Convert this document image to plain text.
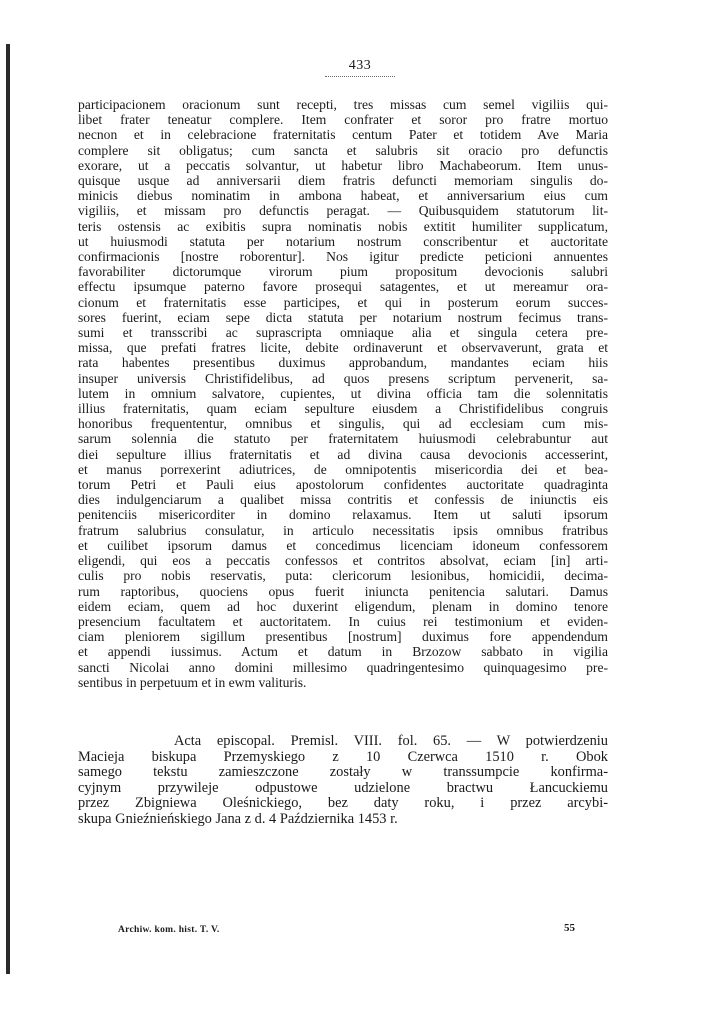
433
participacionem oracionum sunt recepti, tres missas cum semel vigiliis qui-
libet frater teneatur complere. Item confrater et soror pro fratre mortuo
necnon et in celebracione fraternitatis centum Pater et totidem Ave Maria
complere sit obligatus; cum sancta et salubris sit oracio pro defunctis
exorare, ut a peccatis solvantur, ut habetur libro Machabeorum. Item unus-
quisque usque ad anniversarii diem fratris defuncti memoriam singulis do-
minicis diebus nominatim in ambona habeat, et anniversarium eius cum
vigiliis, et missam pro defunctis peragat. — Quibusquidem statutorum lit-
teris ostensis ac exibitis supra nominatis nobis extitit humiliter supplicatum,
ut huiusmodi statuta per notarium nostrum conscribentur et auctoritate
confirmacionis [nostre roborentur]. Nos igitur predicte peticioni annuentes
favorabiliter dictorumque virorum pium propositum devocionis salubri
effectu ipsumque paterno favore prosequi satagentes, et ut mereamur ora-
cionum et fraternitatis esse participes, et qui in posterum eorum succes-
sores fuerint, eciam sepe dicta statuta per notarium nostrum fecimus trans-
sumi et transscribi ac suprascripta omniaque alia et singula cetera pre-
missa, que prefati fratres licite, debite ordinaverunt et observaverunt, grata et
rata habentes presentibus duximus approbandum, mandantes eciam hiis
insuper universis Christifidelibus, ad quos presens scriptum pervenerit, sa-
lutem in omnium salvatore, cupientes, ut divina officia tam die solennitatis
illius fraternitatis, quam eciam sepulture eiusdem a Christifidelibus congruis
honoribus frequententur, omnibus et singulis, qui ad ecclesiam cum mis-
sarum solennia die statuto per fraternitatem huiusmodi celebrabuntur aut
diei sepulture illius fraternitatis et ad divina causa devocionis accesserint,
et manus porrexerint adiutrices, de omnipotentis misericordia dei et bea-
torum Petri et Pauli eius apostolorum confidentes auctoritate quadraginta
dies indulgenciarum a qualibet missa contritis et confessis de iniunctis eis
penitenciis misericorditer in domino relaxamus. Item ut saluti ipsorum
fratrum salubrius consulatur, in articulo necessitatis ipsis omnibus fratribus
et cuilibet ipsorum damus et concedimus licenciam idoneum confessorem
eligendi, qui eos a peccatis confessos et contritos absolvat, eciam [in] arti-
culis pro nobis reservatis, puta: clericorum lesionibus, homicidii, decima-
rum raptoribus, quociens opus fuerit iniuncta penitencia salutari. Damus
eidem eciam, quem ad hoc duxerint eligendum, plenam in domino tenore
presencium facultatem et auctoritatem. In cuius rei testimonium et eviden-
ciam pleniorem sigillum presentibus [nostrum] duximus fore appendendum
et appendi iussimus. Actum et datum in Brzozow sabbato in vigilia
sancti Nicolai anno domini millesimo quadringentesimo quinquagesimo pre-
sentibus in perpetuum et in ewm valituris.
Acta episcopal. Premisl. VIII. fol. 65. — W potwierdzeniu
Macieja biskupa Przemyskiego z 10 Czerwca 1510 r. Obok
samego tekstu zamieszczone zostały w transsumpcie konfirma-
cyjnym przywileje odpustowe udzielone bractwu Łancuckiemu
przez Zbigniewa Oleśnickiego, bez daty roku, i przez arcybi-
skupa Gnieźnieńskiego Jana z d. 4 Października 1453 r.
Archiw. kom. hist. T. V.	55
